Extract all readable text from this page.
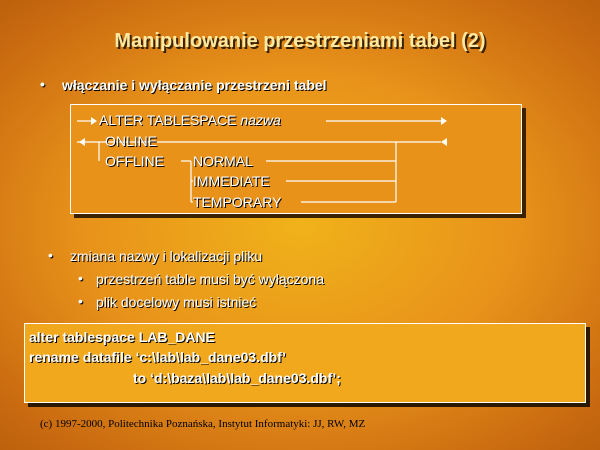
Manipulowanie przestrzeniami tabel (2)
• włączanie i wyłączanie przestrzeni tabel
ALTER TABLESPACE nazwa
ONLINE
OFFLINE NORMAL
IMMEDIATE
TEMPORARY
• zmiana nazwy i lokalizacji pliku
• przestrzeń table musi być wyłączona
• plik docelowy musi istnieć
alter tablespace LAB_DANE
rename datafile ‘c:\lab\lab_dane03.dbf’
to ‘d:\baza\lab\lab_dane03.dbf’;
(c) 1997-2000, Politechnika Poznańska, Instytut Informatyki: JJ, RW, MZ
